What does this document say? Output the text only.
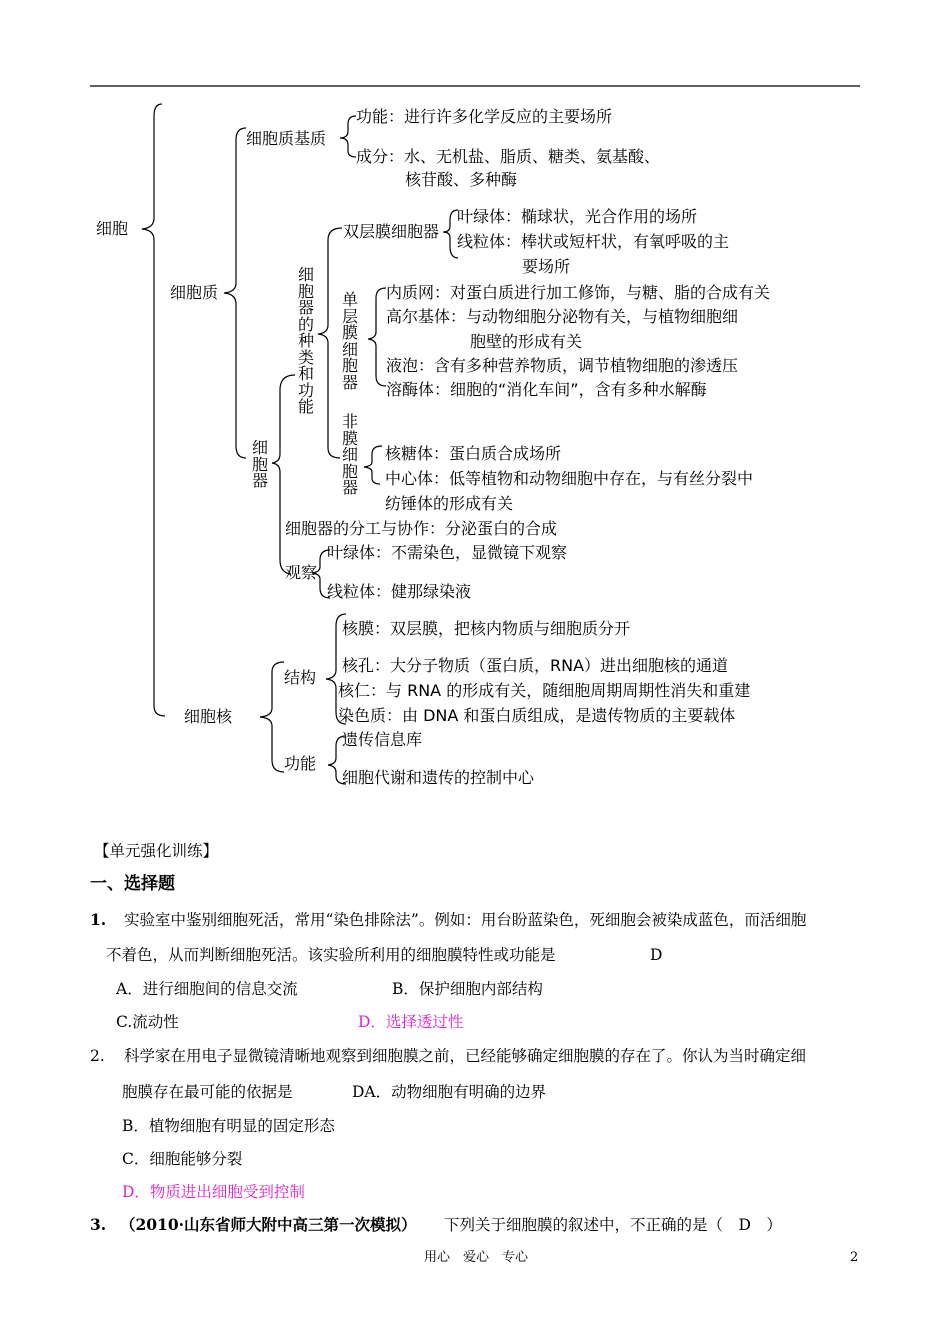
细胞
细胞质
细胞质基质
功能：进行许多化学反应的主要场所
成分：水、无机盐、脂质、糖类、氨基酸、
核苷酸、多种酶
细胞器
细胞器的种类和功能
双层膜细胞器
叶绿体：椭球状，光合作用的场所
线粒体：棒状或短杆状，有氧呼吸的主
要场所
单层膜细胞器
内质网：对蛋白质进行加工修饰，与糖、脂的合成有关
高尔基体：与动物细胞分泌物有关，与植物细胞细
胞壁的形成有关
液泡：含有多种营养物质，调节植物细胞的渗透压
溶酶体：细胞的“消化车间”，含有多种水解酶
非膜细胞器
核糖体：蛋白质合成场所
中心体：低等植物和动物细胞中存在，与有丝分裂中
纺锤体的形成有关
细胞器的分工与协作：分泌蛋白的合成
观察
叶绿体：不需染色，显微镜下观察
线粒体：健那绿染液
细胞核
结构
核膜：双层膜，把核内物质与细胞质分开
核孔：大分子物质（蛋白质，RNA）进出细胞核的通道
核仁：与 RNA 的形成有关，随细胞周期周期性消失和重建
染色质：由 DNA 和蛋白质组成，是遗传物质的主要载体
功能
遗传信息库
细胞代谢和遗传的控制中心
【单元强化训练】
一、选择题
1. 实验室中鉴别细胞死活，常用“染色排除法”。例如：用台盼蓝染色，死细胞会被染成蓝色，而活细胞
不着色，从而判断细胞死活。该实验所利用的细胞膜特性或功能是	D
A．进行细胞间的信息交流	B．保护细胞内部结构
C.流动性	D．选择透过性
2. 科学家在用电子显微镜清晰地观察到细胞膜之前，已经能够确定细胞膜的存在了。你认为当时确定细
胞膜存在最可能的依据是	DA．动物细胞有明确的边界
B．植物细胞有明显的固定形态
C．细胞能够分裂
D．物质进出细胞受到控制
3. （2010·山东省师大附中高三第一次模拟） 下列关于细胞膜的叙述中，不正确的是（　D　）
用心　爱心　专心	2
